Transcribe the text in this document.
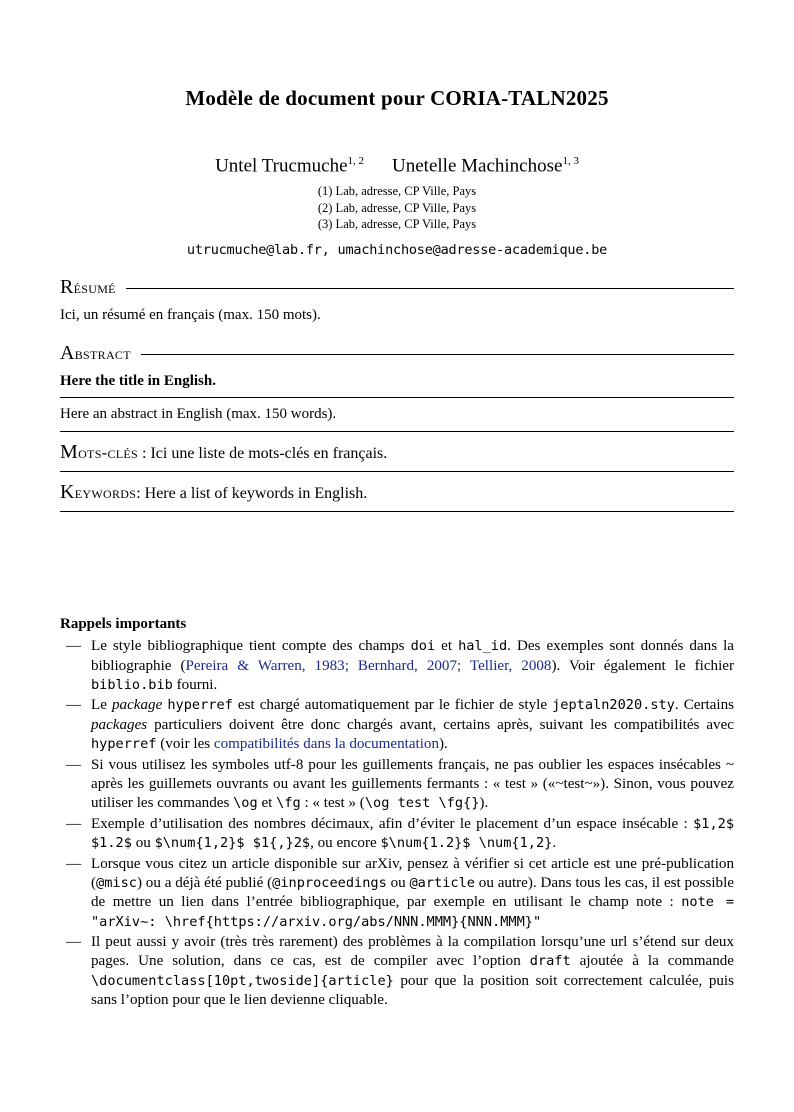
Modèle de document pour CORIA-TALN2025
Untel Trucmuche$^{1, 2}$ Unetelle Machinchose$^{1, 3}$
(1) Lab, adresse, CP Ville, Pays
(2) Lab, adresse, CP Ville, Pays
(3) Lab, adresse, CP Ville, Pays
utrucmuche@lab.fr, umachinchose@adresse-academique.be
Résumé
Ici, un résumé en français (max. 150 mots).
Abstract
Here the title in English.
Here an abstract in English (max. 150 words).
Mots-clés : Ici une liste de mots-clés en français.
Keywords: Here a list of keywords in English.
Rappels importants
— Le style bibliographique tient compte des champs doi et hal_id. Des exemples sont donnés dans la bibliographie (Pereira & Warren, 1983; Bernhard, 2007; Tellier, 2008). Voir également le fichier biblio.bib fourni.
— Le package hyperref est chargé automatiquement par le fichier de style jeptaln2020.sty. Certains packages particuliers doivent être donc chargés avant, certains après, suivant les compatibilités avec hyperref (voir les compatibilités dans la documentation).
— Si vous utilisez les symboles utf-8 pour les guillements français, ne pas oublier les espaces insécables ~ après les guillemets ouvrants ou avant les guillements fermants : « test » («~test~»). Sinon, vous pouvez utiliser les commandes \og et \fg : « test » (\og test \fg{}).
— Exemple d’utilisation des nombres décimaux, afin d’éviter le placement d’un espace insécable : $1,2$ $1.2$ ou $\num{1,2}$ $1{,}2$, ou encore $\num{1.2}$ \num{1,2}.
— Lorsque vous citez un article disponible sur arXiv, pensez à vérifier si cet article est une pré-publication (@misc) ou a déjà été publié (@inproceedings ou @article ou autre). Dans tous les cas, il est possible de mettre un lien dans l’entrée bibliographique, par exemple en utilisant le champ note : note = "arXiv~: \href{https://arxiv.org/abs/NNN.MMM}{NNN.MMM}"
— Il peut aussi y avoir (très très rarement) des problèmes à la compilation lorsqu’une url s’étend sur deux pages. Une solution, dans ce cas, est de compiler avec l’option draft ajoutée à la commande \documentclass[10pt,twoside]{article} pour que la position soit correctement calculée, puis sans l’option pour que le lien devienne cliquable.
